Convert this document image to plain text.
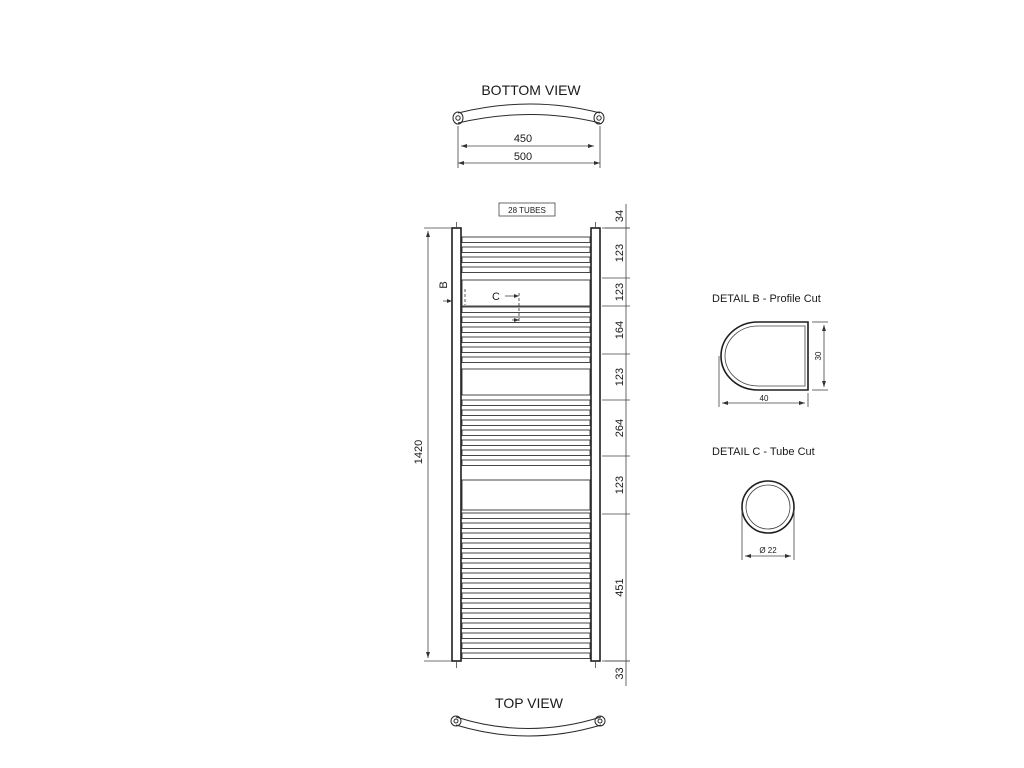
BOTTOM VIEW
450
500
28 TUBES
B
C
1420
34
123
123
164
123
264
123
451
33
TOP VIEW
DETAIL B - Profile Cut
30
40
DETAIL C - Tube Cut
Ø 22
